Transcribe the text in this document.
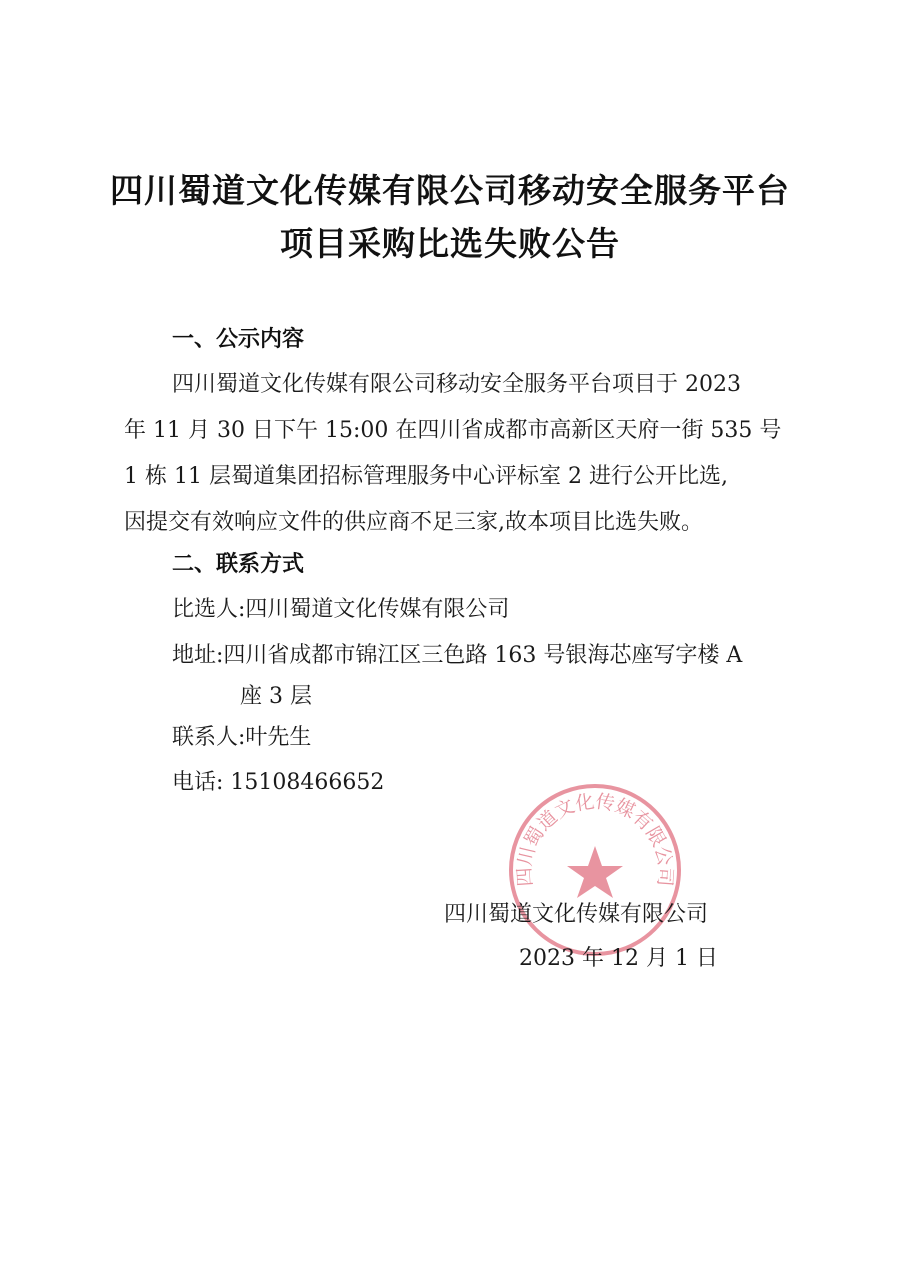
四川蜀道文化传媒有限公司移动安全服务平台
项目采购比选失败公告
一、公示内容
四川蜀道文化传媒有限公司移动安全服务平台项目于 2023
年 11 月 30 日下午 15:00 在四川省成都市高新区天府一街 535 号
1 栋 11 层蜀道集团招标管理服务中心评标室 2 进行公开比选,
因提交有效响应文件的供应商不足三家,故本项目比选失败。
二、联系方式
比选人:四川蜀道文化传媒有限公司
地址:四川省成都市锦江区三色路 163 号银海芯座写字楼 A
座 3 层
联系人:叶先生
电话: 15108466652
四川蜀道文化传媒有限公司
四川蜀道文化传媒有限公司
2023 年 12 月 1 日
